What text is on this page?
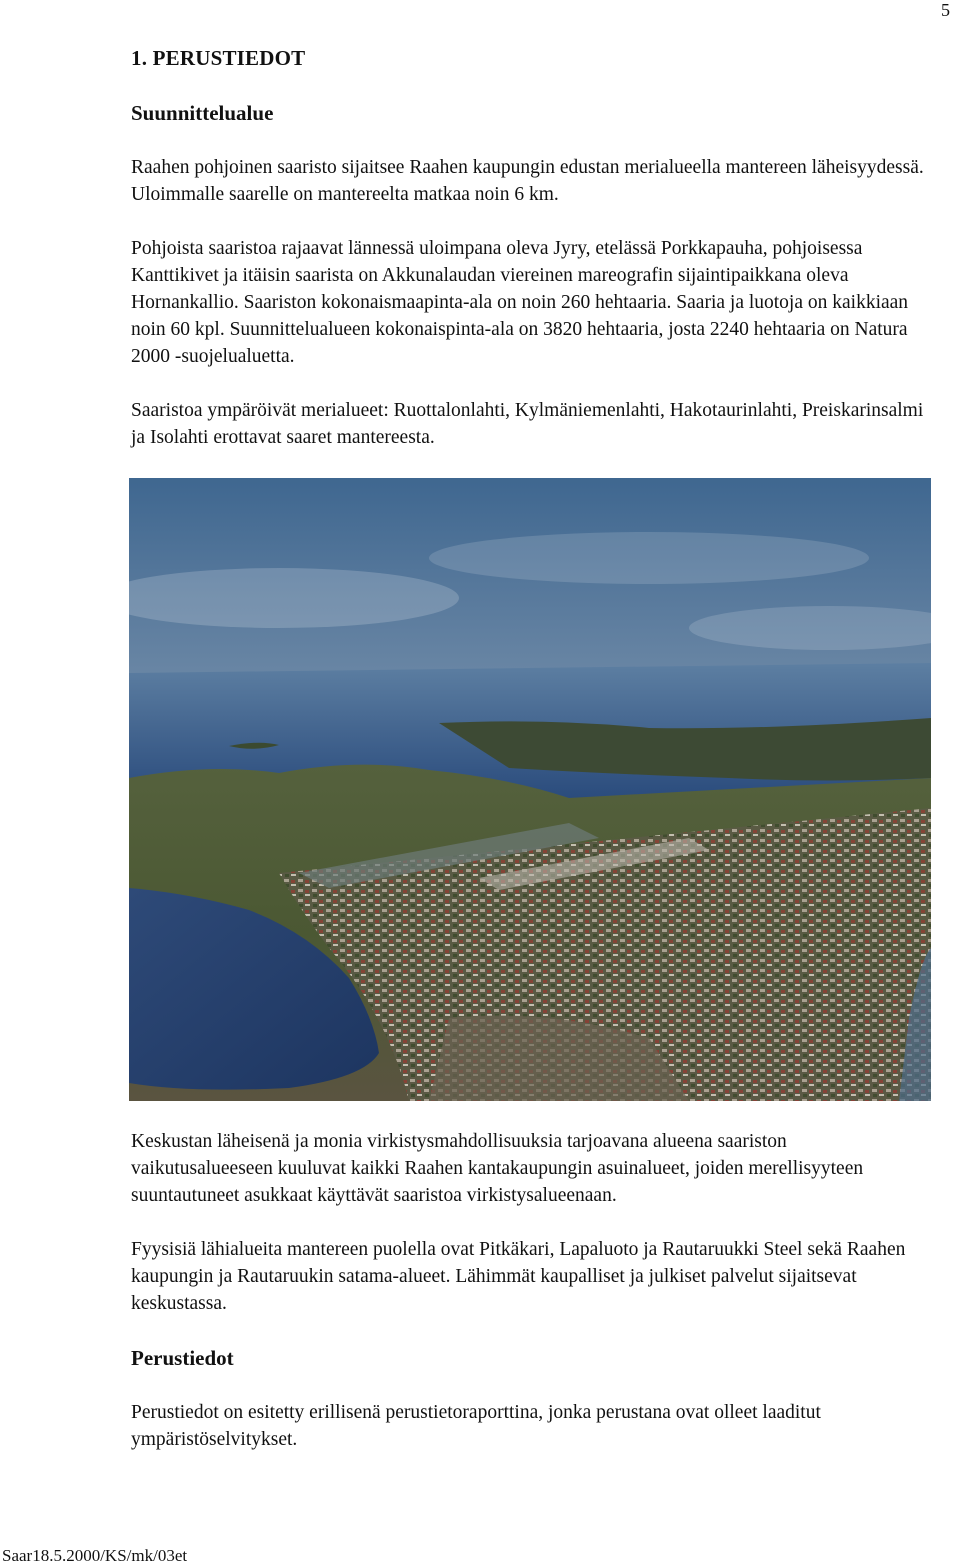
5
1. PERUSTIEDOT
Suunnittelualue

Raahen pohjoinen saaristo sijaitsee Raahen kaupungin edustan merialueella mantereen läheisyydessä. Uloimmalle saarelle on mantereelta matkaa noin 6 km.

Pohjoista saaristoa rajaavat lännessä uloimpana oleva Jyry, etelässä Porkkapauha, pohjoisessa Kanttikivet ja itäisin saarista on Akkunalaudan viereinen mareografin sijaintipaikkana oleva Hornankallio. Saariston kokonaismaapinta-ala on noin 260 hehtaaria. Saaria ja luotoja on kaikkiaan noin 60 kpl. Suunnittelualueen kokonaispinta-ala on 3820 hehtaaria, josta 2240 hehtaaria on Natura 2000 -suojelualuetta.

Saaristoa ympäröivät merialueet: Ruottalonlahti, Kylmäniemenlahti, Hakotaurinlahti, Preiskarinsalmi ja Isolahti erottavat saaret mantereesta.

Keskustan läheisenä ja monia virkistysmahdollisuuksia tarjoavana alueena saariston vaikutusalueeseen kuuluvat kaikki Raahen kantakaupungin asuinalueet, joiden merellisyyteen suuntautuneet asukkaat käyttävät saaristoa virkistysalueenaan.

Fyysisiä lähialueita mantereen puolella ovat Pitkäkari, Lapaluoto ja Rautaruukki Steel sekä Raahen kaupungin ja Rautaruukin satama-alueet. Lähimmät kaupalliset ja julkiset palvelut sijaitsevat keskustassa.

Perustiedot

Perustiedot on esitetty erillisenä perustietoraporttina, jonka perustana ovat olleet laaditut ympäristöselvitykset.

Saar18.5.2000/KS/mk/03et
